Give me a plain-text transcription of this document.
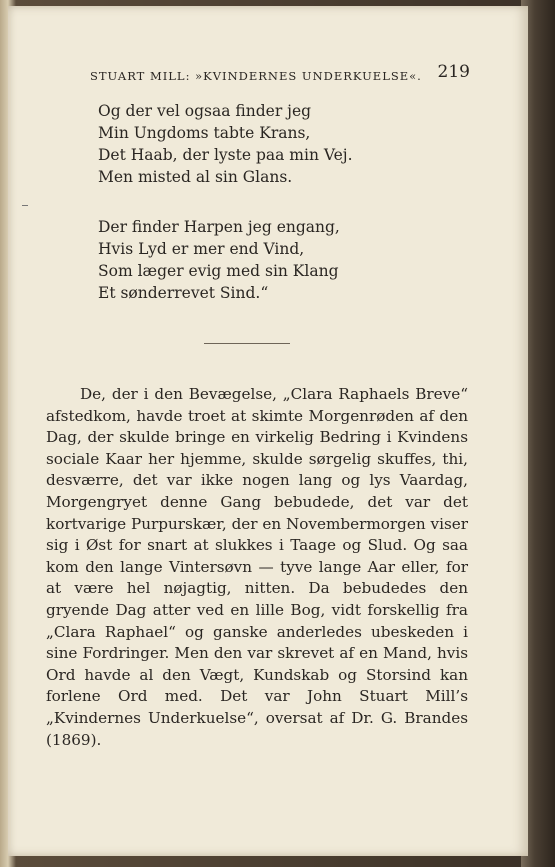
STUART MILL: »KVINDERNES UNDERKUELSE«. 219
Og der vel ogsaa finder jeg
Min Ungdoms tabte Krans,
Det Haab, der lyste paa min Vej.
Men misted al sin Glans.
Der finder Harpen jeg engang,
Hvis Lyd er mer end Vind,
Som læger evig med sin Klang
Et sønderrevet Sind.“

De, der i den Bevægelse, „Clara Raphaels Breve“ afstedkom, havde troet at skimte Morgenrøden af den Dag, der skulde bringe en virkelig Bedring i Kvindens sociale Kaar her hjemme, skulde sørgelig skuffes, thi, desværre, det var ikke nogen lang og lys Vaardag, Morgengryet denne Gang bebudede, det var det kortvarige Purpurskær, der en Novembermorgen viser sig i Øst for snart at slukkes i Taage og Slud. Og saa kom den lange Vintersøvn — tyve lange Aar eller, for at være hel nøjagtig, nitten. Da bebudedes den gryende Dag atter ved en lille Bog, vidt forskellig fra „Clara Raphael“ og ganske anderledes ubeskeden i sine Fordringer. Men den var skrevet af en Mand, hvis Ord havde al den Vægt, Kundskab og Storsind kan forlene Ord med. Det var John Stuart Mill’s „Kvindernes Underkuelse“, oversat af Dr. G. Brandes (1869).
